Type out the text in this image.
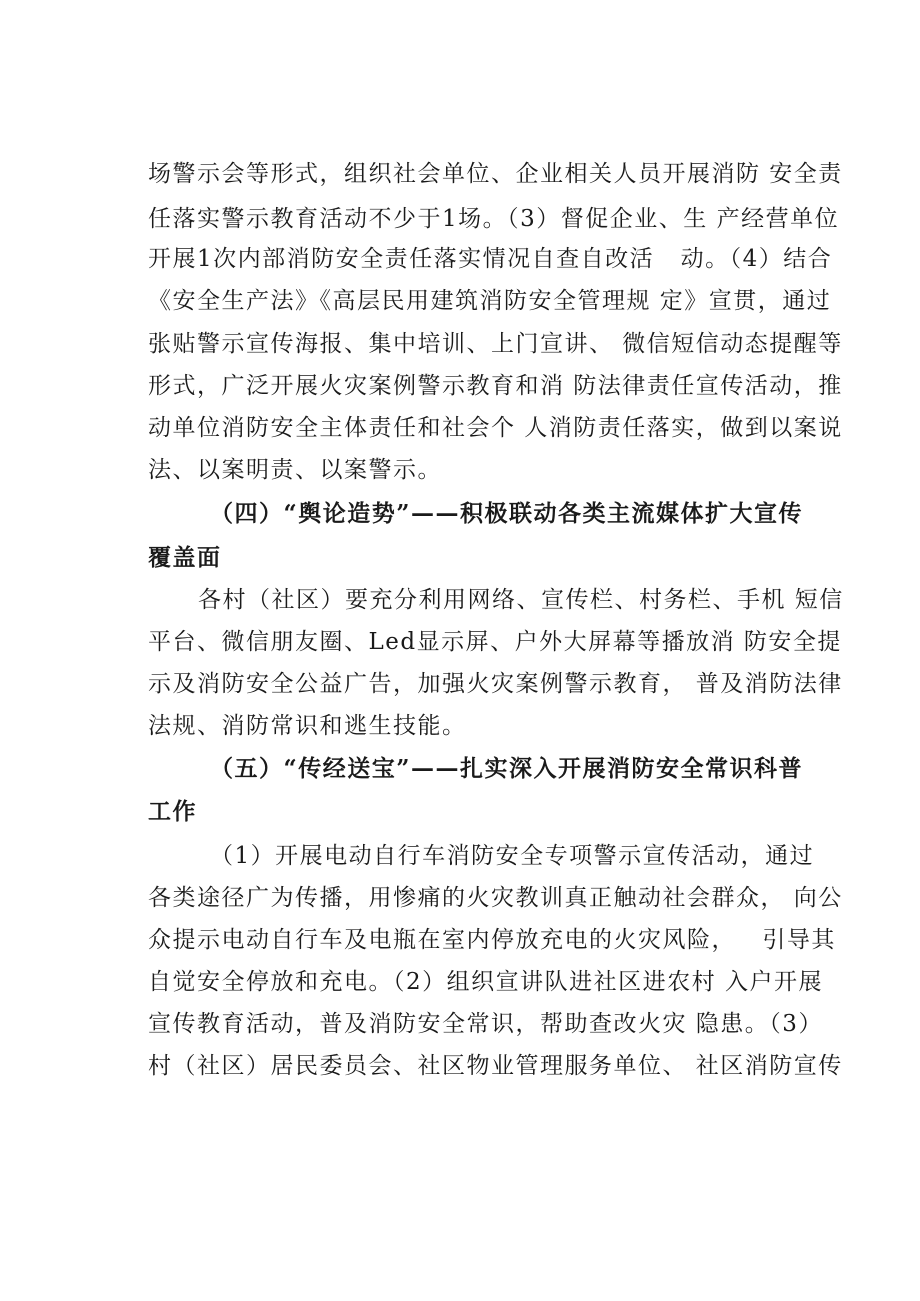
场警示会等形式，组织社会单位、企业相关人员开展消防 安全责
任落实警示教育活动不少于1场。（3）督促企业、生 产经营单位
开展1次内部消防安全责任落实情况自查自改活   动。（4）结合
《安全生产法》《高层民用建筑消防安全管理规 定》宣贯，通过
张贴警示宣传海报、集中培训、上门宣讲、 微信短信动态提醒等
形式，广泛开展火灾案例警示教育和消 防法律责任宣传活动，推
动单位消防安全主体责任和社会个 人消防责任落实，做到以案说
法、以案明责、以案警示。
（四）“舆论造势”——积极联动各类主流媒体扩大宣传
覆盖面
各村（社区）要充分利用网络、宣传栏、村务栏、手机 短信
平台、微信朋友圈、Led显示屏、户外大屏幕等播放消 防安全提
示及消防安全公益广告，加强火灾案例警示教育， 普及消防法律
法规、消防常识和逃生技能。
（五）“传经送宝”——扎实深入开展消防安全常识科普
工作
（1）开展电动自行车消防安全专项警示宣传活动，通过
各类途径广为传播，用惨痛的火灾教训真正触动社会群众， 向公
众提示电动自行车及电瓶在室内停放充电的火灾风险，   引导其
自觉安全停放和充电。（2）组织宣讲队进社区进农村 入户开展
宣传教育活动，普及消防安全常识，帮助查改火灾 隐患。（3）
村（社区）居民委员会、社区物业管理服务单位、 社区消防宣传
